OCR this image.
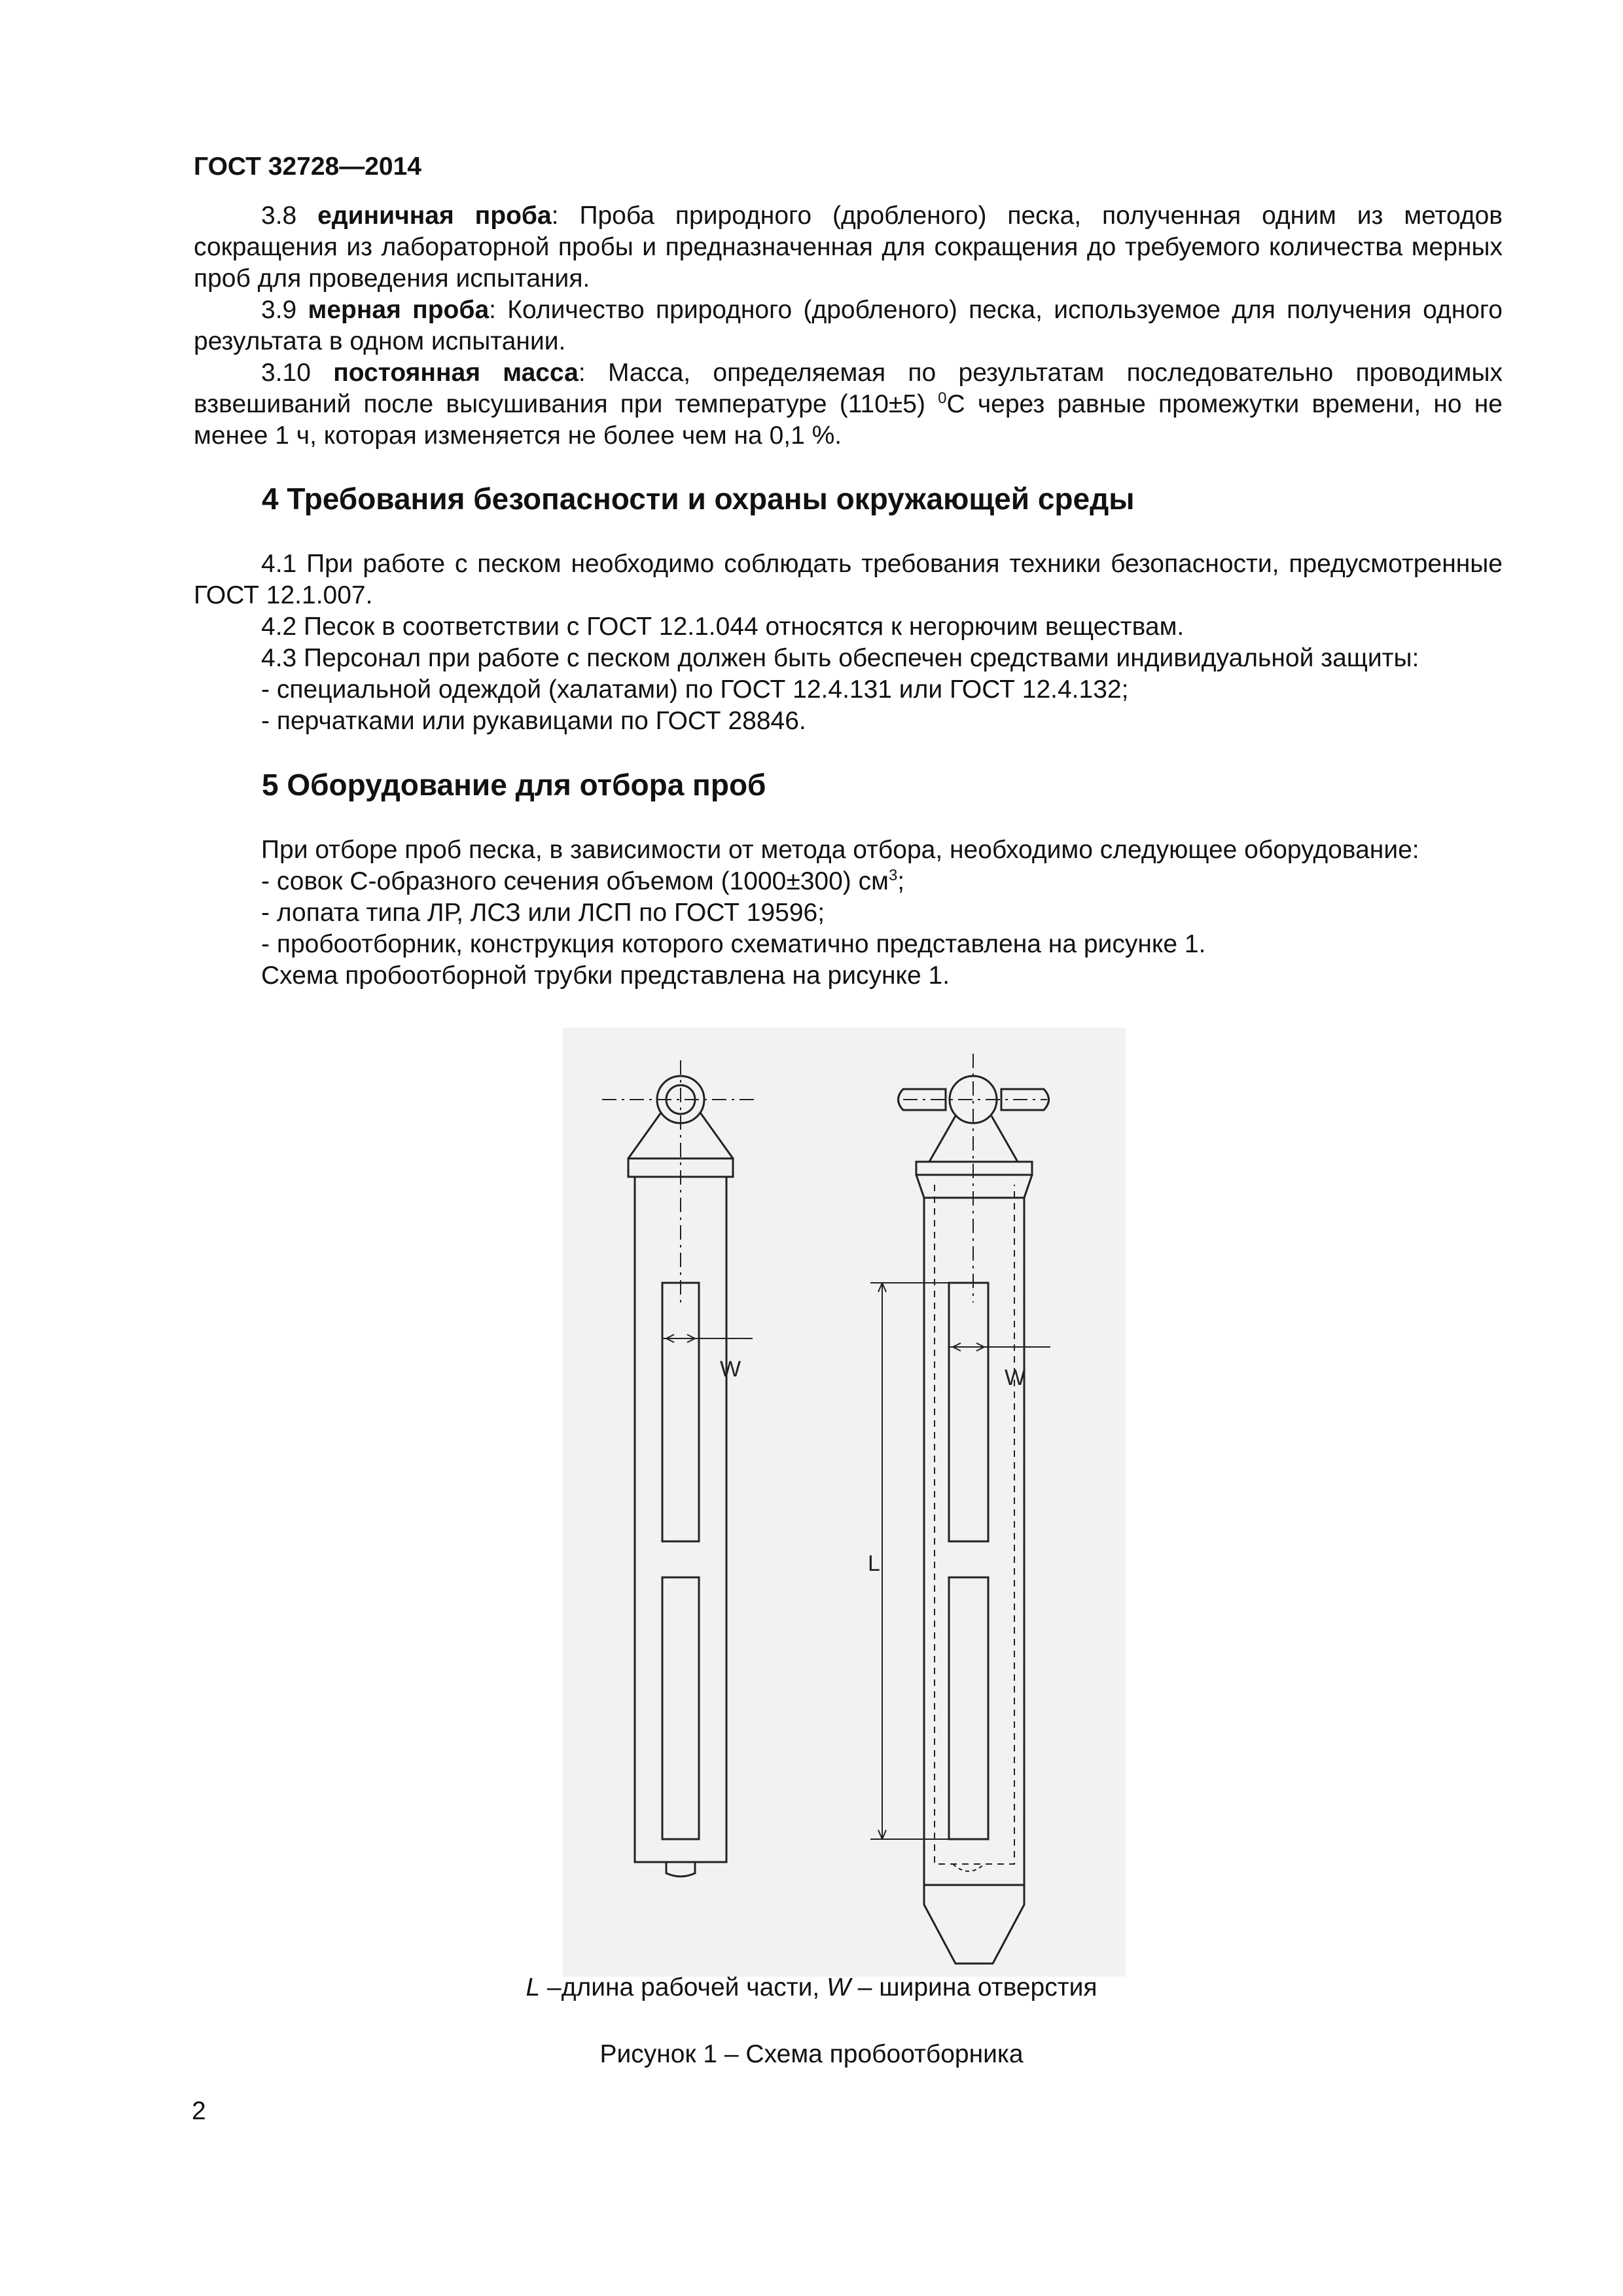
ГОСТ 32728—2014

3.8 единичная проба: Проба природного (дробленого) песка, полученная одним из методов сокращения из лабораторной пробы и предназначенная для сокращения до требуемого количества мерных проб для проведения испытания.

3.9 мерная проба: Количество природного (дробленого) песка, используемое для получения одного результата в одном испытании.

3.10 постоянная масса: Масса, определяемая по результатам последовательно проводимых взвешиваний после высушивания при температуре (110±5) $^0$С через равные промежутки времени, но не менее 1 ч, которая изменяется не более чем на 0,1 %.

4 Требования безопасности и охраны окружающей среды

4.1 При работе с песком необходимо соблюдать требования техники безопасности, предусмотренные ГОСТ 12.1.007.

4.2 Песок в соответствии с ГОСТ 12.1.044 относятся к негорючим веществам.

4.3 Персонал при работе с песком должен быть обеспечен средствами индивидуальной защиты:

- специальной одеждой (халатами) по ГОСТ 12.4.131 или ГОСТ 12.4.132;

- перчатками или рукавицами по ГОСТ 28846.

5 Оборудование для отбора проб

При отборе проб песка, в зависимости от метода отбора, необходимо следующее оборудование:

- совок С-образного сечения объемом (1000±300) $см^3$;

- лопата типа ЛР, ЛСЗ или ЛСП по ГОСТ 19596;

- пробоотборник, конструкция которого схематично представлена на рисунке 1.

Схема пробоотборной трубки представлена на рисунке 1.

W	W
L
L –длина рабочей части, W – ширина отверстия
Рисунок 1 – Схема пробоотборника
2
